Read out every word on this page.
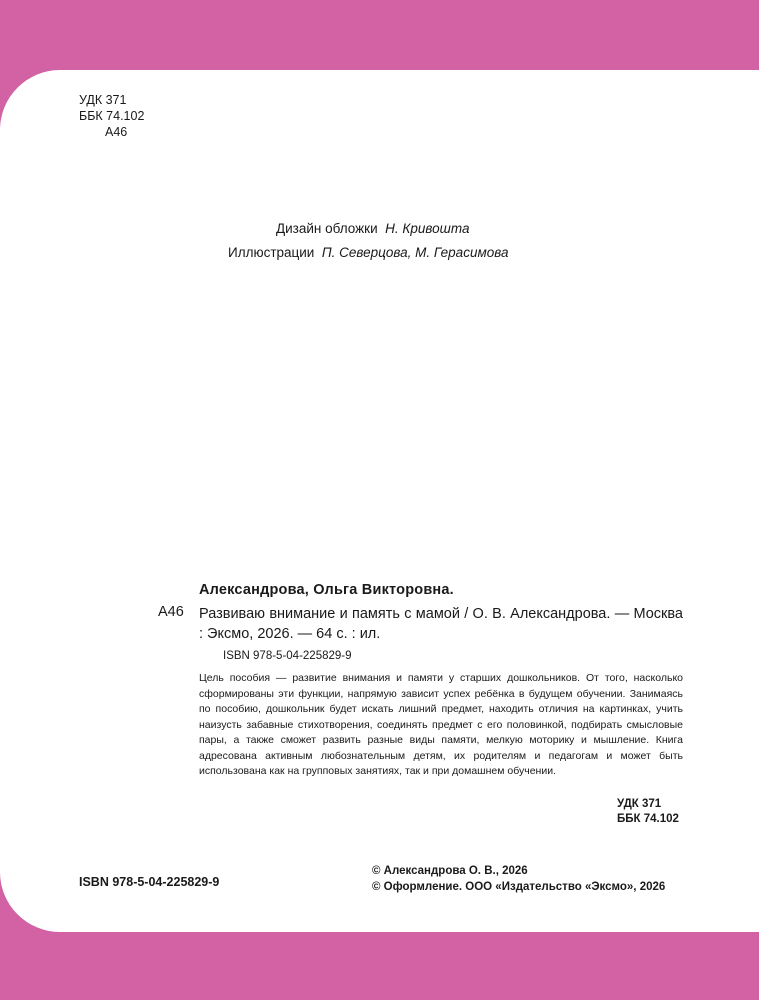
УДК 371
ББК 74.102
А46
Дизайн обложки Н. Кривошта
Иллюстрации П. Северцова, М. Герасимова
Александрова, Ольга Викторовна.
А46 Развиваю внимание и память с мамой / О. В. Александрова. — Москва : Эксмо, 2026. — 64 с. : ил.
ISBN 978-5-04-225829-9
Цель пособия — развитие внимания и памяти у старших дошкольников. От того, насколько сформированы эти функции, напрямую зависит успех ребёнка в будущем обучении. Занимаясь по пособию, дошкольник будет искать лишний предмет, находить отличия на картинках, учить наизусть забавные стихотворения, соединять предмет с его половинкой, подбирать смысловые пары, а также сможет развить разные виды памяти, мелкую моторику и мышление. Книга адресована активным любознательным детям, их родителям и педагогам и может быть использована как на групповых занятиях, так и при домашнем обучении.
УДК 371
ББК 74.102
ISBN 978-5-04-225829-9
© Александрова О. В., 2026
© Оформление. ООО «Издательство «Эксмо», 2026
